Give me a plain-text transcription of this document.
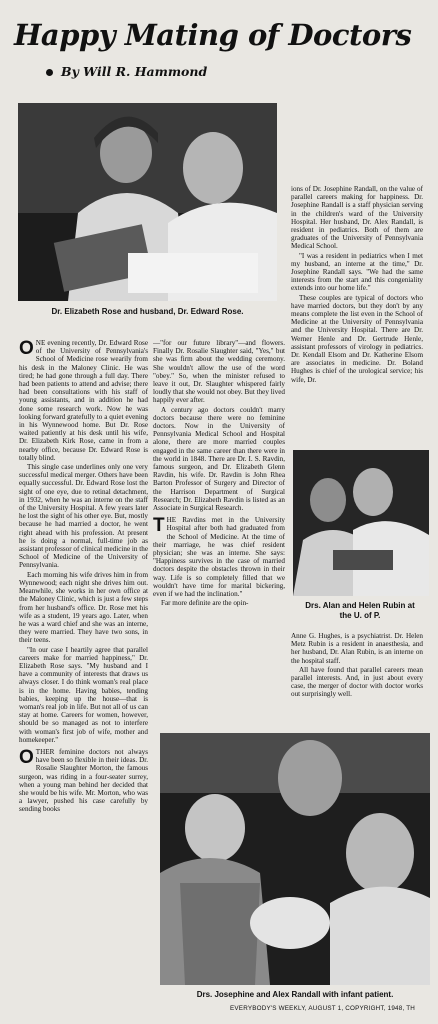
Happy Mating of Doctors
By Will R. Hammond
Dr. Elizabeth Rose and husband, Dr. Edward Rose.

ONE evening recently, Dr. Edward Rose of the University of Pennsylvania's School of Medicine rose wearily from his desk in the Maloney Clinic. He was tired; he had gone through a full day. There had been patients to attend and advise; there had been consultations with his staff of young assistants, and in addition he had done some research work. Now he was looking forward gratefully to a quiet evening in his Wynnewood home. But Dr. Rose waited patiently at his desk until his wife, Dr. Elizabeth Kirk Rose, came in from a nearby office, because Dr. Edward Rose is totally blind.

This single case underlines only one very successful medical merger. Others have been equally successful. Dr. Edward Rose lost the sight of one eye, due to retinal detachment, in 1932, when he was an interne on the staff of the University Hospital. A few years later he lost the sight of his other eye. But, mostly because he had married a doctor, he went right ahead with his profession. At present he is doing a normal, full-time job as assistant professor of clinical medicine in the School of Medicine of the University of Pennsylvania.

Each morning his wife drives him in from Wynnewood; each night she drives him out. Meanwhile, she works in her own office at the Maloney Clinic, which is just a few steps from her husband's office. Dr. Rose met his wife as a student, 19 years ago. Later, when he was a ward chief and she was an interne, they were married. They have two sons, in their teens.

"In our case I heartily agree that parallel careers make for married happiness," Dr. Elizabeth Rose says. "My husband and I have a community of interests that draws us always closer. I do think woman's real place is in the home. Having babies, tending babies, keeping up the house—that is woman's real job in life. But not all of us can stay at home. Careers for women, however, should be so managed as not to interfere with woman's first job of wife, mother and homekeeper."

OTHER feminine doctors not always have been so flexible in their ideas. Dr. Rosalie Slaughter Morton, the famous surgeon, was riding in a four-seater surrey, when a young man behind her decided that she would be his wife. Mr. Morton, who was a lawyer, pushed his case carefully by sending books

—"for our future library"—and flowers. Finally Dr. Rosalie Slaughter said, "Yes," but she was firm about the wedding ceremony. She wouldn't allow the use of the word "obey." So, when the minister refused to leave it out, Dr. Slaughter whispered fairly loudly that she would not obey. But they lived happily ever after.

A century ago doctors couldn't marry doctors because there were no feminine doctors. Now in the University of Pennsylvania Medical School and Hospital alone, there are more married couples engaged in the same career than there were in the world in 1848. There are Dr. I. S. Ravdin, famous surgeon, and Dr. Elizabeth Glenn Ravdin, his wife. Dr. Ravdin is John Rhea Barton Professor of Surgery and Director of the Harrison Department of Surgical Research; Dr. Elizabeth Ravdin is listed as an Associate in Surgical Research.

THE Ravdins met in the University Hospital after both had graduated from the School of Medicine. At the time of their marriage, he was chief resident physician; she was an interne. She says: "Happiness survives in the case of married doctors despite the obstacles thrown in their way. Life is so completely filled that we wouldn't have time for marital bickering, even if we had the inclination."

Far more definite are the opin-

ions of Dr. Josephine Randall, on the value of parallel careers making for happiness. Dr. Josephine Randall is a staff physician serving in the children's ward of the University Hospital. Her husband, Dr. Alex Randall, is resident in pediatrics. Both of them are graduates of the University of Pennsylvania Medical School.

"I was a resident in pediatrics when I met my husband, an interne at the time," Dr. Josephine Randall says. "We had the same interests from the start and this congeniality extends into our home life."

These couples are typical of doctors who have married doctors, but they don't by any means complete the list even in the School of Medicine at the University of Pennsylvania and the University Hospital. There are Dr. Werner Henle and Dr. Gertrude Henle, assistant professors of virology in pediatrics. Dr. Kendall Elsom and Dr. Katherine Elsom are associates in medicine. Dr. Boland Hughes is chief of the urological service; his wife, Dr.

Drs. Alan and Helen Rubin at the U. of P.

Anne G. Hughes, is a psychiatrist. Dr. Helen Metz Rubin is a resident in anaesthesia, and her husband, Dr. Alan Rubin, is an interne on the hospital staff.

All have found that parallel careers mean parallel interests. And, in just about every case, the merger of doctor with doctor works out surprisingly well.

Drs. Josephine and Alex Randall with infant patient.
EVERYBODY'S WEEKLY, AUGUST 1, COPYRIGHT, 1948, TH
